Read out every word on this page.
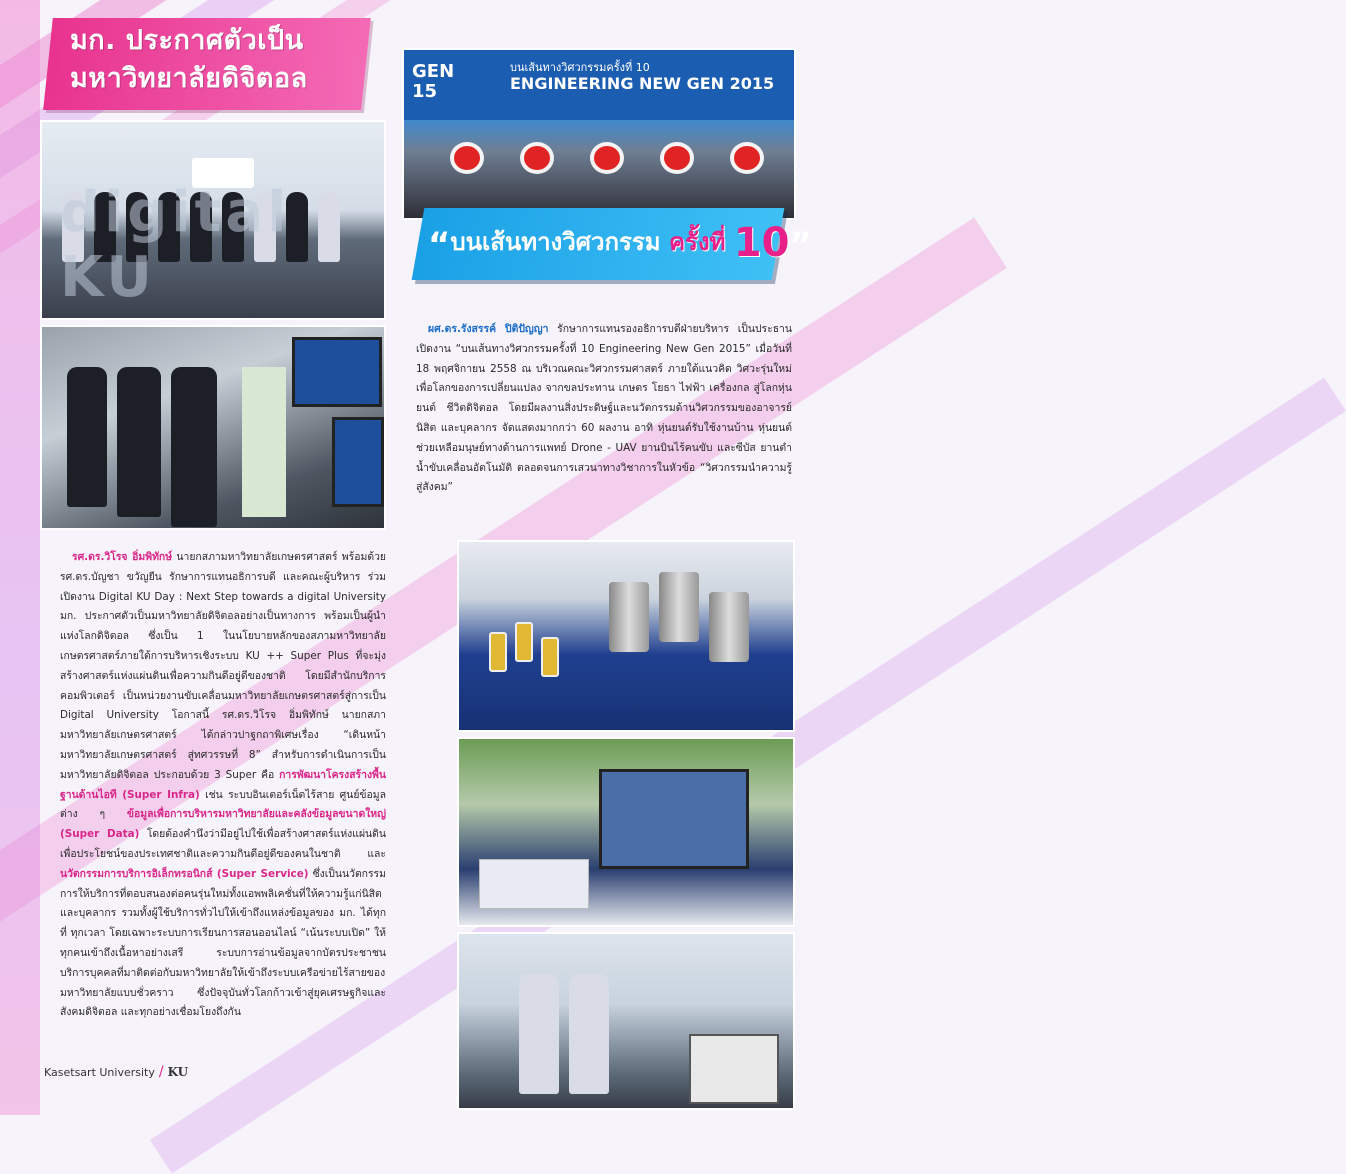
มก. ประกาศตัวเป็น
มหาวิทยาลัยดิจิตอล
digital KU
GEN
15
บนเส้นทางวิศวกรรมครั้งที่ 10
ENGINEERING NEW GEN 2015
“บนเส้นทางวิศวกรรม ครั้งที่ 10”

ผศ.ดร.รังสรรค์ ปิติปัญญา รักษาการแทนรองอธิการบดีฝ่ายบริหาร เป็นประธานเปิดงาน “บนเส้นทางวิศวกรรมครั้งที่ 10 Engineering New Gen 2015” เมื่อวันที่ 18 พฤศจิกายน 2558 ณ บริเวณคณะวิศวกรรมศาสตร์ ภายใต้แนวคิด วิศวะรุ่นใหม่ เพื่อโลกของการเปลี่ยนแปลง จากขลประทาน เกษตร โยธา ไฟฟ้า เครื่องกล สู่โลกหุ่นยนต์ ชีวิตดิจิตอล โดยมีผลงานสิ่งประดิษฐ์และนวัตกรรมด้านวิศวกรรมของอาจารย์ นิสิต และบุคลากร จัดแสดงมากกว่า 60 ผลงาน อาทิ หุ่นยนต์รับใช้งานบ้าน หุ่นยนต์ช่วยเหลือมนุษย์ทางด้านการแพทย์ Drone - UAV ยานบินไร้คนขับ และซีบัส ยานตำน้ำขับเคลื่อนอัตโนมัติ ตลอดจนการเสวนาทางวิชาการในหัวข้อ “วิศวกรรมนำความรู้สู่สังคม”

รศ.ดร.วิโรจ อิ่มพิทักษ์ นายกสภามหาวิทยาลัยเกษตรศาสตร์ พร้อมด้วย รศ.ดร.บัญชา ขวัญยืน รักษาการแทนอธิการบดี และคณะผู้บริหาร ร่วมเปิดงาน Digital KU Day : Next Step towards a digital University มก. ประกาศตัวเป็นมหาวิทยาลัยดิจิตอลอย่างเป็นทางการ พร้อมเป็นผู้นำแห่งโลกดิจิตอล ซึ่งเป็น 1 ในนโยบายหลักของสภามหาวิทยาลัยเกษตรศาสตร์ภายใต้การบริหารเชิงระบบ KU ++ Super Plus ที่จะมุ่งสร้างศาสตร์แห่งแผ่นดินเพื่อความกินดีอยู่ดีของชาติ โดยมีสำนักบริการคอมพิวเตอร์ เป็นหน่วยงานขับเคลื่อนมหาวิทยาลัยเกษตรศาสตร์สู่การเป็น Digital University โอกาสนี้ รศ.ดร.วิโรจ อิ่มพิทักษ์ นายกสภามหาวิทยาลัยเกษตรศาสตร์ ได้กล่าวปาฐกถาพิเศษเรื่อง “เดินหน้ามหาวิทยาลัยเกษตรศาสตร์ สู่ทศวรรษที่ 8” สำหรับการดำเนินการเป็นมหาวิทยาลัยดิจิตอล ประกอบด้วย 3 Super คือ การพัฒนาโครงสร้างพื้นฐานด้านไอที (Super Infra) เช่น ระบบอินเตอร์เน็ตไร้สาย ศูนย์ข้อมูลต่าง ๆ ข้อมูลเพื่อการบริหารมหาวิทยาลัยและคลังข้อมูลขนาดใหญ่ (Super Data) โดยต้องคำนึงว่ามีอยู่ไปใช้เพื่อสร้างศาสตร์แห่งแผ่นดิน เพื่อประโยชน์ของประเทศชาติและความกินดีอยู่ดีของคนในชาติ และ นวัตกรรมการบริการอิเล็กทรอนิกส์ (Super Service) ซึ่งเป็นนวัตกรรมการให้บริการที่ตอบสนองต่อคนรุ่นใหม่ทั้งแอพพลิเคชั่นที่ให้ความรู้แก่นิสิตและบุคลากร รวมทั้งผู้ใช้บริการทั่วไปให้เข้าถึงแหล่งข้อมูลของ มก. ได้ทุกที่ ทุกเวลา โดยเฉพาะระบบการเรียนการสอนออนไลน์ “เน้นระบบเปิด” ให้ทุกคนเข้าถึงเนื้อหาอย่างเสรี ระบบการอ่านข้อมูลจากบัตรประชาชน บริการบุคคลที่มาติดต่อกับมหาวิทยาลัยให้เข้าถึงระบบเครือข่ายไร้สายของมหาวิทยาลัยแบบชั่วคราว ซึ่งปัจจุบันทั่วโลกก้าวเข้าสู่ยุคเศรษฐกิจและสังคมดิจิตอล และทุกอย่างเชื่อมโยงถึงกัน

Kasetsart University / KU
